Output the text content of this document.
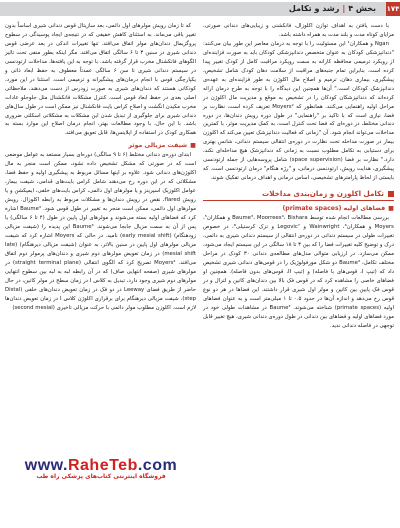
۱۷۴
بخش ۴|رشد و تکامل

با دست یافتن به اهداف توازن اکلوزال، فانکشنی و زیبایی‌های دندانی صورتی، مزایای کوتاه مدت و بلند مدت به همراه داشته باشد.

Ngan و همکاران¹ این مسئولیت را با توجه به درمان معاصر این طور بیان می‌کنند: "دندانپزشکی کودکان به عنوان متخصص دندانپزشکی کودکان باید به صورت فزاینده‌ای از رویکرد ترمیمی محافظه کارانه به سمت رویکرد مراقبت کامل از کودک تغییر پیدا کرده است. بنابراین تمام جنبه‌های مراقبت از سلامت دهان کودک شامل تشخیص، پیشگیری، بیماری دهان، ترمیم و اصلاح مال اکلوژن به طور فزاینده‌ای به عهده‌ی دندانپزشک کودکان است." آن‌ها همچنین این دیدگاه را با توجه به طرح درمان ارائه کرده‌اند که دندانپزشکان کودکان را در تشخیص به موقع و مدیریت مال اکلوژن در مراحل اولیه راهنمایی می‌کنند. همانطور که Moyers² تعریف کرده است، نظارت بر فضا، نیازی است که با تاکید بر "راهنمایی" در طول دوره رویش دندان‌ها، در دوره دندانی مختلط، در دوره‌ای که فضا تحت کنترل است، به کمک مدیریت موثر، با کمترین مداخلات می‌تواند انجام شود. آن "زمانی که فعالیت دندانپزشک تعیین می‌کند که اکلوزن بیمار در صورت مداخله تحت نظارت در دوره‌ی انتقالی سیستم دندانی، شانس بهتری برای دستیابی به تکامل مطلوب نسبت به زمانی که دندانپزشک هیچ مداخله‌ای نکند، دارد." نظارت بر فضا (space supervision) شامل پروسه‌هایی از جمله ارتودنسی پیشگیری، هدایت رویش، ارتودنسی درمانی، و "رژه هنگام" درمان ارتودنسی است. که بایستی از لحاظ پارامترهای تشخیصی، اساس درمانی و اهداف درمانی تفکیک شوند.

تکامل اکلوزن و زمان‌بندی مداخلات
■فضاهای اولیه (primate spaces)

بررسی مطالعات انجام شده توسط Baume³، Moorrees⁴، Bishara و همکاران⁵، Moyers و همکاران⁶، Wainwright و Legovic⁷ و ترک کرستیلی⁸، در خصوص تغییرات طولی در سیستم دندانی در دوره‌ی انتقالی از سیستم دندانی شیری به دائمی، درک و توضیح کلیه تغییرات فضا را که بین ۳ تا ۱۸ سالگی در این سیستم ایجاد می‌شود، ممکن می‌سازد. در ارزیابی متوالی مدل‌های مطالعه‌ی دندانی ۳۰ کودک در مراحل مختلف تکامل، Baume³ دو شکل مورفولوژیک را در قوس‌های دندانی شیری تشخیص داد که (تیپ I، قوس‌های با فاصله) و (تیپ II، قوس‌های بدون فاصله). همچنین او فضاهای خاصی را مشاهده کرد که در قوس فک بالا بین دندان‌های کانین و لترال و در قوس فک پایین بین کانین و مولر اول شیری قرار داشتند. این فضاها در هر دو نوع قوس رخ می‌دهد و اندازه آن‌ها در حدود ۰.۵ تا ۱ میلی‌متر است و به عنوان فضاهای اولیه (primate spaces) شناخته می‌شوند. Baume³ در مشاهدات طولی خود در مورد فضاهای اولیه و فضاهای بین دندانی در طول دوره‌ی دندانی شیری، هیچ تغییر قابل توجهی در فاصله دندانی ندید.

که تا زمان رویش مولرهای اول دائمی، بعد سازیتال قوس دندانی شیری اساساً بدون تغییر باقی می‌ماند. به استثنای کاهش خفیفی که در نتیجه‌ی ایجاد پوسیدگی در سطوح پروگزیمال دندان‌های مولر اتفاق می‌افتد. تنها تغییرات اندکی در بعد عرضی قوس دندانی شیری در سنین ۳ تا ۶ سالگی اتفاق می‌افتد. مگر اینکه بطور منفی تحت تاثیر الگوهای فانکشنال مخرب قرار گرفته باشد. با توجه به این یافته‌ها، مداخلات ارتودنسی در سیستم دندانی شیری تا سن ۶ سالگی عمدتاً معطوف به حفظ ابعاد ذاتی و یکپارچگی قوس با انجام درمان‌های پیشگیرانه و ترمیمی است. استثنا در این مورد، کودکانی هستند که دندان‌های شیری به صورت زودرس از دست می‌دهند، ملاحظاتی اصلی بعدی در حفظ ابعاد قوس است. کنترل مشکلات فانکشنال مثل جلو‌جلو عادات مخرب مکیدن انگشت و اصلاح کراس بایت فانکشنال نیز ممکن است در طول سال‌های دندانی شیری برای جلوگیری از تبدیل شدن این مشکلات به مشکلاتی اسکلتی ضروری باشد. با این حال، با وجود مطالعات بهتر، انجام درمان اصلاح این موارد بسته به همکاری کودک در استفاده از اپلاینس‌ها، قابل تعویق می‌افتد.

■شیفت مزیالی موثر

ابتدای دوره‌ی دندانی مختلط (۶ تا ۹ سالگی) دوره‌ای بسیار مستعد به عوامل موضعی است که در صورتی که مشکل تشخیص داده نشود، ممکن است منجر به مال اکلوژن‌های دندانی شود. علاوه بر اینها مسائل مربوط به پیشگیری اولیه و حفظ فضا، مشکلاتی که در این دوره رخ می‌دهند شامل کراس بایت‌های قدامی، شیفت بیمار، عوامل اکلوزیک اسپرینز و یا مولرهای اول دائمی، کراس بایت‌های خلفی، ایمپکشن و یا رویش flared، نقص در رویش دندان‌ها و مشکلات مربوط به رابطه اکلوزال. رویش مولرهای اول دائمی، ممکن است منجر به تغییر در طول قوس شود. Baume³ اشاره کرد که فضاهای اولیه بسته می‌شوند و مولرهای اول پایین در طول (۴ تا ۶ سالگی) یا پس از آن به سمت مزیال جابجا می‌شوند. Baume³ این پدیده را (شیفت مزیالی زودهنگام) (early mesial shift) نامید. در حالی که Moyers اشاره کرد که شیفت مزیالی مولرهای اول پایین در سنین بالاتر، به عنوان (شیفت مزیالی دیرهنگام) (late mesial shift) در زمان تعویض مولرهای دوم شیری و دندان‌های پرمولر دوم اتفاق می‌افتد. Moyers⁴ تصریح کرد که الگوی انتقالی (straight terminal plane) در مولرهای شیری (صفحه انتهایی صاف) که در آن رابطه لبه به لبه بین سطوح انتهایی مولرهای دوم شیری وجود دارد، تبدیل به کلاس I در زمان سطح در مولر کانین، در حال حاضر از طریق فضای Leeway در دو فک در زمان تعویض دندان‌های خلفی (Distal step)، شیفت مزیالی دیرهنگام برای برقراری اکلوژن کلاس I در زمان تعویض دندان‌ها لازم است. اکلوزن مطلوب مولر دائمی با حرکت مزیالی تاخیری (second mesial)

www.RaheTeb.com
فروشگاه اینترنتی کتاب‌های پزشکی راه طب
